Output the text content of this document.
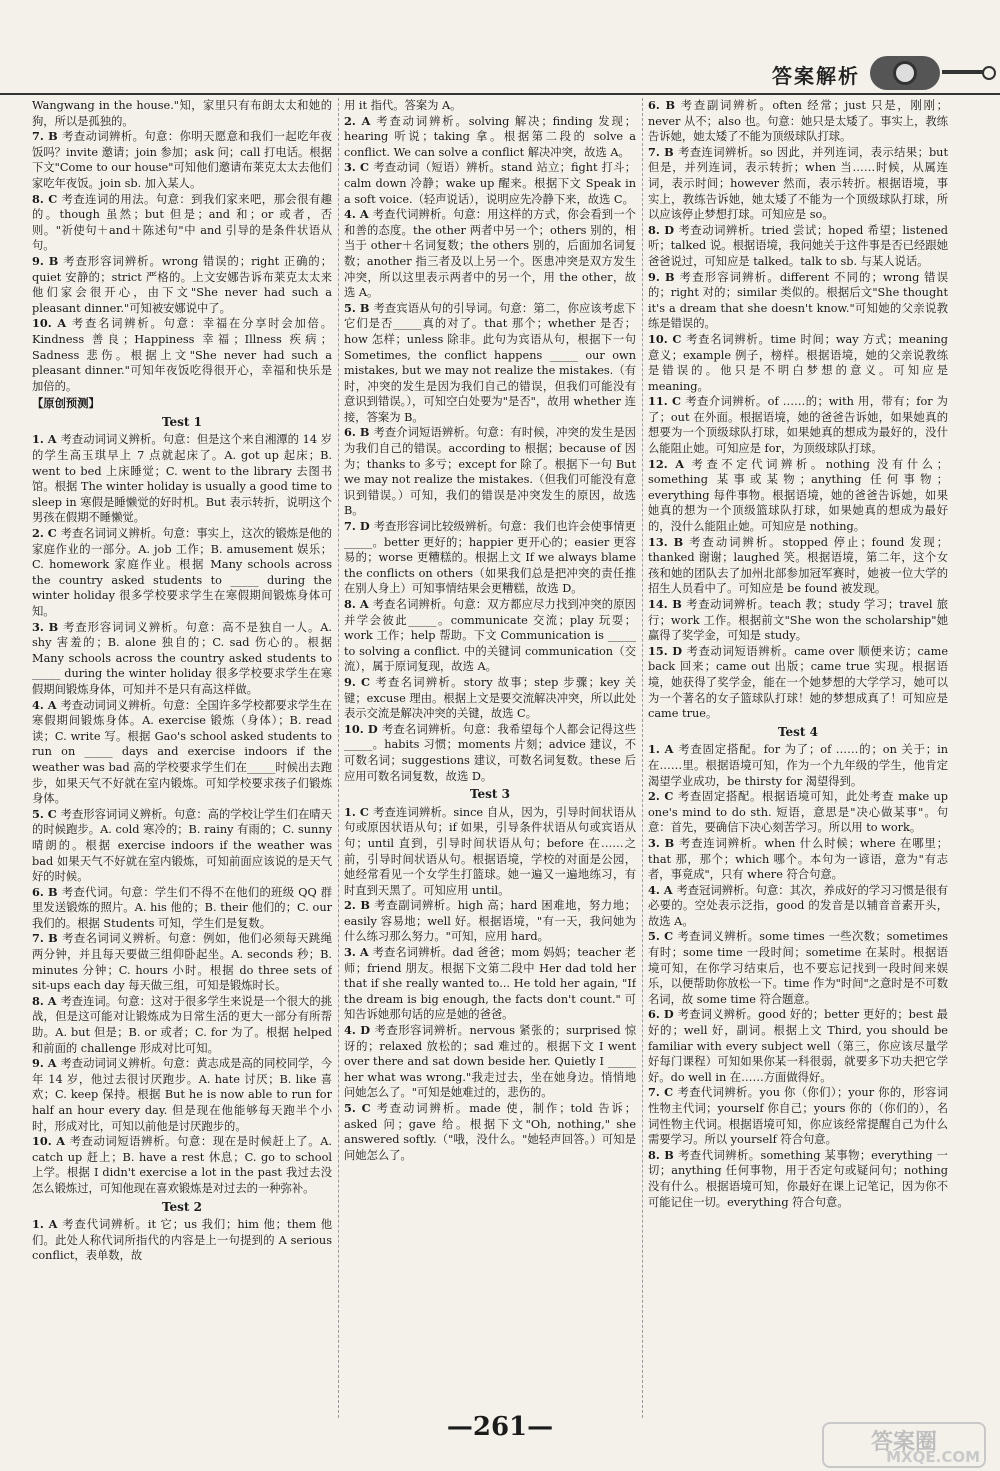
答案解析

Wangwang in the house."知，家里只有布朗太太和她的狗，所以是孤独的。

7. B 考查动词辨析。句意：你明天愿意和我们一起吃年夜饭吗？invite 邀请；join 参加；ask 问；call 打电话。根据下文"Come to our house"可知他们邀请布莱克太太去他们家吃年夜饭。join sb. 加入某人。

8. C 考查连词的用法。句意：到我们家来吧，那会很有趣的。though 虽然；but 但是；and 和；or 或者，否则。"祈使句＋and＋陈述句"中 and 引导的是条件状语从句。

9. B 考查形容词辨析。wrong 错误的；right 正确的；quiet 安静的；strict 严格的。上文安娜告诉布莱克太太来他们家会很开心，由下文"She never had such a pleasant dinner."可知被安娜说中了。

10. A 考查名词辨析。句意：幸福在分享时会加倍。Kindness 善良；Happiness 幸福；Illness 疾病；Sadness 悲伤。根据上文"She never had such a pleasant dinner."可知年夜饭吃得很开心，幸福和快乐是加倍的。

【原创预测】
Test 1

1. A 考查动词词义辨析。句意：但是这个来自湘潭的 14 岁的学生高玉琪早上 7 点就起床了。A. got up 起床；B. went to bed 上床睡觉；C. went to the library 去图书馆。根据 The winter holiday is usually a good time to sleep in 寒假是睡懒觉的好时机。But 表示转折，说明这个男孩在假期不睡懒觉。

2. C 考查名词词义辨析。句意：事实上，这次的锻炼是他的家庭作业的一部分。A. job 工作；B. amusement 娱乐；C. homework 家庭作业。根据 Many schools across the country asked students to _____ during the winter holiday 很多学校要求学生在寒假期间锻炼身体可知。

3. B 考查形容词词义辨析。句意：高不是独自一人。A. shy 害羞的；B. alone 独自的；C. sad 伤心的。根据 Many schools across the country asked students to _____ during the winter holiday 很多学校要求学生在寒假期间锻炼身体，可知并不是只有高这样做。

4. A 考查动词词义辨析。句意：全国许多学校都要求学生在寒假期间锻炼身体。A. exercise 锻炼（身体）；B. read 读；C. write 写。根据 Gao's school asked students to run on _____ days and exercise indoors if the weather was bad 高的学校要求学生们在_____时候出去跑步，如果天气不好就在室内锻炼。可知学校要求孩子们锻炼身体。

5. C 考查形容词词义辨析。句意：高的学校让学生们在晴天的时候跑步。A. cold 寒冷的；B. rainy 有雨的；C. sunny 晴朗的。根据 exercise indoors if the weather was bad 如果天气不好就在室内锻炼，可知前面应该说的是天气好的时候。

6. B 考查代词。句意：学生们不得不在他们的班级 QQ 群里发送锻炼的照片。A. his 他的；B. their 他们的；C. our 我们的。根据 Students 可知，学生们是复数。

7. B 考查名词词义辨析。句意：例如，他们必须每天跳绳两分钟，并且每天要做三组仰卧起坐。A. seconds 秒；B. minutes 分钟；C. hours 小时。根据 do three sets of sit-ups each day 每天做三组，可知是锻炼时长。

8. A 考查连词。句意：这对于很多学生来说是一个很大的挑战，但是这可能对让锻炼成为日常生活的更大一部分有所帮助。A. but 但是；B. or 或者；C. for 为了。根据 helped 和前面的 challenge 形成对比可知。

9. A 考查动词词义辨析。句意：黄志成是高的同校同学，今年 14 岁，他过去很讨厌跑步。A. hate 讨厌；B. like 喜欢；C. keep 保持。根据 But he is now able to run for half an hour every day. 但是现在他能够每天跑半个小时，形成对比，可知以前他是讨厌跑步的。

10. A 考查动词短语辨析。句意：现在是时候赶上了。A. catch up 赶上；B. have a rest 休息；C. go to school 上学。根据 I didn't exercise a lot in the past 我过去没怎么锻炼过，可知他现在喜欢锻炼是对过去的一种弥补。

Test 2

1. A 考查代词辨析。it 它；us 我们；him 他；them 他们。此处人称代词所指代的内容是上一句提到的 A serious conflict，表单数，故

用 it 指代。答案为 A。

2. A 考查动词辨析。solving 解决；finding 发现；hearing 听说；taking 拿。根据第二段的 solve a conflict. We can solve a conflict 解决冲突，故选 A。

3. C 考查动词（短语）辨析。stand 站立；fight 打斗；calm down 冷静；wake up 醒来。根据下文 Speak in a soft voice.（轻声说话），说明应先冷静下来，故选 C。

4. A 考查代词辨析。句意：用这样的方式，你会看到一个和善的态度。the other 两者中另一个；others 别的，相当于 other＋名词复数；the others 别的，后面加名词复数；another 指三者及以上另一个。医患冲突是双方发生冲突，所以这里表示两者中的另一个，用 the other，故选 A。

5. B 考查宾语从句的引导词。句意：第二，你应该考虑下它们是否_____真的对了。that 那个；whether 是否；how 怎样；unless 除非。此句为宾语从句，根据下一句 Sometimes, the conflict happens _____ our own mistakes, but we may not realize the mistakes.（有时，冲突的发生是因为我们自己的错误，但我们可能没有意识到错误。），可知空白处要为"是否"，故用 whether 连接，答案为 B。

6. B 考查介词短语辨析。句意：有时候，冲突的发生是因为我们自己的错误。according to 根据；because of 因为；thanks to 多亏；except for 除了。根据下一句 But we may not realize the mistakes.（但我们可能没有意识到错误。）可知，我们的错误是冲突发生的原因，故选 B。

7. D 考查形容词比较级辨析。句意：我们也许会使事情更_____。better 更好的；happier 更开心的；easier 更容易的；worse 更糟糕的。根据上文 If we always blame the conflicts on others（如果我们总是把冲突的责任推在别人身上）可知事情结果会更糟糕，故选 D。

8. A 考查名词辨析。句意：双方都应尽力找到冲突的原因并学会彼此_____。communicate 交流；play 玩耍；work 工作；help 帮助。下文 Communication is _____ to solving a conflict. 中的关键词 communication（交流），属于原词复现，故选 A。

9. C 考查名词辨析。story 故事；step 步骤；key 关键；excuse 理由。根据上文是要交流解决冲突，所以此处表示交流是解决冲突的关键，故选 C。

10. D 考查名词辨析。句意：我希望每个人都会记得这些_____。habits 习惯；moments 片刻；advice 建议，不可数名词；suggestions 建议，可数名词复数。these 后应用可数名词复数，故选 D。

Test 3

1. C 考查连词辨析。since 自从，因为，引导时间状语从句或原因状语从句；if 如果，引导条件状语从句或宾语从句；until 直到，引导时间状语从句；before 在……之前，引导时间状语从句。根据语境，学校的对面是公园，她经常看见一个女学生打篮球。她一遍又一遍地练习，有时直到天黑了。可知应用 until。

2. B 考查副词辨析。high 高；hard 困难地，努力地；easily 容易地；well 好。根据语境，"有一天，我问她为什么练习那么努力。"可知，应用 hard。

3. A 考查名词辨析。dad 爸爸；mom 妈妈；teacher 老师；friend 朋友。根据下文第二段中 Her dad told her that if she really wanted to... He told her again, "If the dream is big enough, the facts don't count." 可知告诉她那句话的应是她的爸爸。

4. D 考查形容词辨析。nervous 紧张的；surprised 惊讶的；relaxed 放松的；sad 难过的。根据下文 I went over there and sat down beside her. Quietly I _____ her what was wrong."我走过去，坐在她身边。悄悄地问她怎么了。"可知是她难过的，悲伤的。

5. C 考查动词辨析。made 使，制作；told 告诉；asked 问；gave 给。根据下文"Oh, nothing," she answered softly.（"哦，没什么。"她轻声回答。）可知是问她怎么了。

6. B 考查副词辨析。often 经常；just 只是，刚刚；never 从不；also 也。句意：她只是太矮了。事实上，教练告诉她，她太矮了不能为顶级球队打球。

7. B 考查连词辨析。so 因此，并列连词，表示结果；but 但是，并列连词，表示转折；when 当……时候，从属连词，表示时间；however 然而，表示转折。根据语境，事实上，教练告诉她，她太矮了不能为一个顶级球队打球，所以应该停止梦想打球。可知应是 so。

8. D 考查动词辨析。tried 尝试；hoped 希望；listened 听；talked 说。根据语境，我问她关于这件事是否已经跟她爸爸说过，可知应是 talked。talk to sb. 与某人说话。

9. B 考查形容词辨析。different 不同的；wrong 错误的；right 对的；similar 类似的。根据后文"She thought it's a dream that she doesn't know."可知她的父亲说教练是错误的。

10. C 考查名词辨析。time 时间；way 方式；meaning 意义；example 例子，榜样。根据语境，她的父亲说教练是错误的。他只是不明白梦想的意义。可知应是 meaning。

11. C 考查介词辨析。of ……的；with 用，带有；for 为了；out 在外面。根据语境，她的爸爸告诉她，如果她真的想要为一个顶级球队打球，如果她真的想成为最好的，没什么能阻止她。可知应是 for，为顶级球队打球。

12. A 考查不定代词辨析。nothing 没有什么；something 某事或某物；anything 任何事物；everything 每件事物。根据语境，她的爸爸告诉她，如果她真的想为一个顶级篮球队打球，如果她真的想成为最好的，没什么能阻止她。可知应是 nothing。

13. B 考查动词辨析。stopped 停止；found 发现；thanked 谢谢；laughed 笑。根据语境，第二年，这个女孩和她的团队去了加州北部参加冠军赛时，她被一位大学的招生人员看中了。可知应是 be found 被发现。

14. B 考查动词辨析。teach 教；study 学习；travel 旅行；work 工作。根据前文"She won the scholarship"她赢得了奖学金，可知是 study。

15. D 考查动词短语辨析。came over 顺便来访；came back 回来；came out 出版；came true 实现。根据语境，她获得了奖学金，能在一个她梦想的大学学习，她可以为一个著名的女子篮球队打球！她的梦想成真了！可知应是 came true。

Test 4

1. A 考查固定搭配。for 为了；of ……的；on 关于；in 在……里。根据语境可知，作为一个九年级的学生，他肯定渴望学业成功，be thirsty for 渴望得到。

2. C 考查固定搭配。根据语境可知，此处考查 make up one's mind to do sth. 短语，意思是"决心做某事"。句意：首先，要确信下决心刻苦学习。所以用 to work。

3. B 考查连词辨析。when 什么时候；where 在哪里；that 那，那个；which 哪个。本句为一谚语，意为"有志者，事竟成"，只有 where 符合句意。

4. A 考查冠词辨析。句意：其次，养成好的学习习惯是很有必要的。空处表示泛指，good 的发音是以辅音音素开头，故选 A。

5. C 考查词义辨析。some times 一些次数；sometimes 有时；some time 一段时间；sometime 在某时。根据语境可知，在你学习结束后，也不要忘记找到一段时间来娱乐，以便帮助你放松一下。time 作为"时间"之意时是不可数名词，故 some time 符合题意。

6. D 考查词义辨析。good 好的；better 更好的；best 最好的；well 好，副词。根据上文 Third, you should be familiar with every subject well（第三，你应该尽量学好每门课程）可知如果你某一科很弱，就要多下功夫把它学好。do well in 在……方面做得好。

7. C 考查代词辨析。you 你（你们）；your 你的，形容词性物主代词；yourself 你自己；yours 你的（你们的），名词性物主代词。根据语境可知，你应该经常提醒自己为什么需要学习。所以 yourself 符合句意。

8. B 考查代词辨析。something 某事物；everything 一切；anything 任何事物，用于否定句或疑问句；nothing 没有什么。根据语境可知，你最好在课上记笔记，因为你不可能记住一切。everything 符合句意。

—261—
答案圈
MXQE.COM
